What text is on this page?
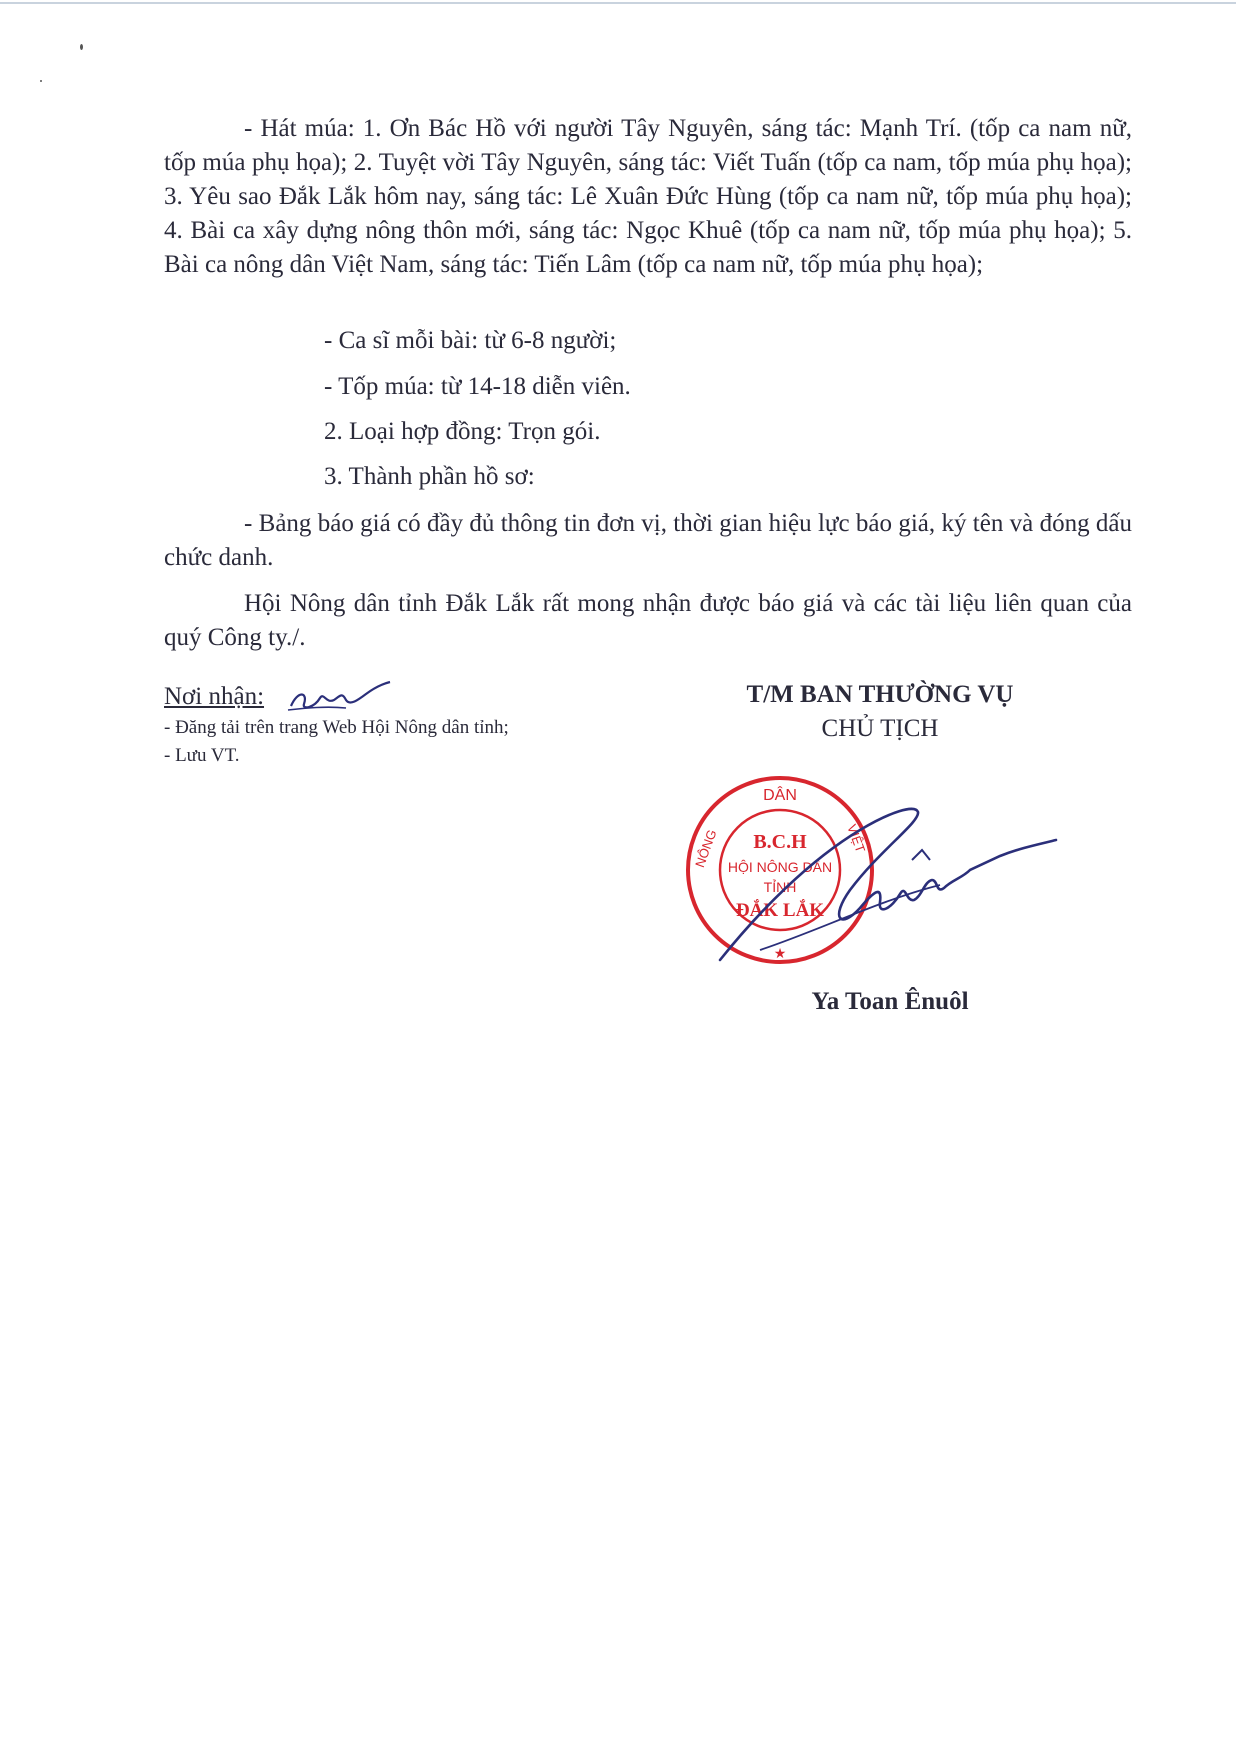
- Hát múa: 1. Ơn Bác Hồ với người Tây Nguyên, sáng tác: Mạnh Trí. (tốp ca nam nữ, tốp múa phụ họa); 2. Tuyệt vời Tây Nguyên, sáng tác: Viết Tuấn (tốp ca nam, tốp múa phụ họa); 3. Yêu sao Đắk Lắk hôm nay, sáng tác: Lê Xuân Đức Hùng (tốp ca nam nữ, tốp múa phụ họa); 4. Bài ca xây dựng nông thôn mới, sáng tác: Ngọc Khuê (tốp ca nam nữ, tốp múa phụ họa); 5. Bài ca nông dân Việt Nam, sáng tác: Tiến Lâm (tốp ca nam nữ, tốp múa phụ họa);

- Ca sĩ mỗi bài: từ 6-8 người;
- Tốp múa: từ 14-18 diễn viên.
2. Loại hợp đồng: Trọn gói.
3. Thành phần hồ sơ:

- Bảng báo giá có đầy đủ thông tin đơn vị, thời gian hiệu lực báo giá, ký tên và đóng dấu chức danh.

Hội Nông dân tỉnh Đắk Lắk rất mong nhận được báo giá và các tài liệu liên quan của quý Công ty./.

Nơi nhận:
- Đăng tải trên trang Web Hội Nông dân tỉnh;
- Lưu VT.
T/M BAN THƯỜNG VỤ
CHỦ TỊCH
DÂN
NÔNG	VIỆT
B.C.H
HỘI NÔNG DÂN
TỈNH
ĐẮK LẮK
★
Ya Toan Ênuôl
